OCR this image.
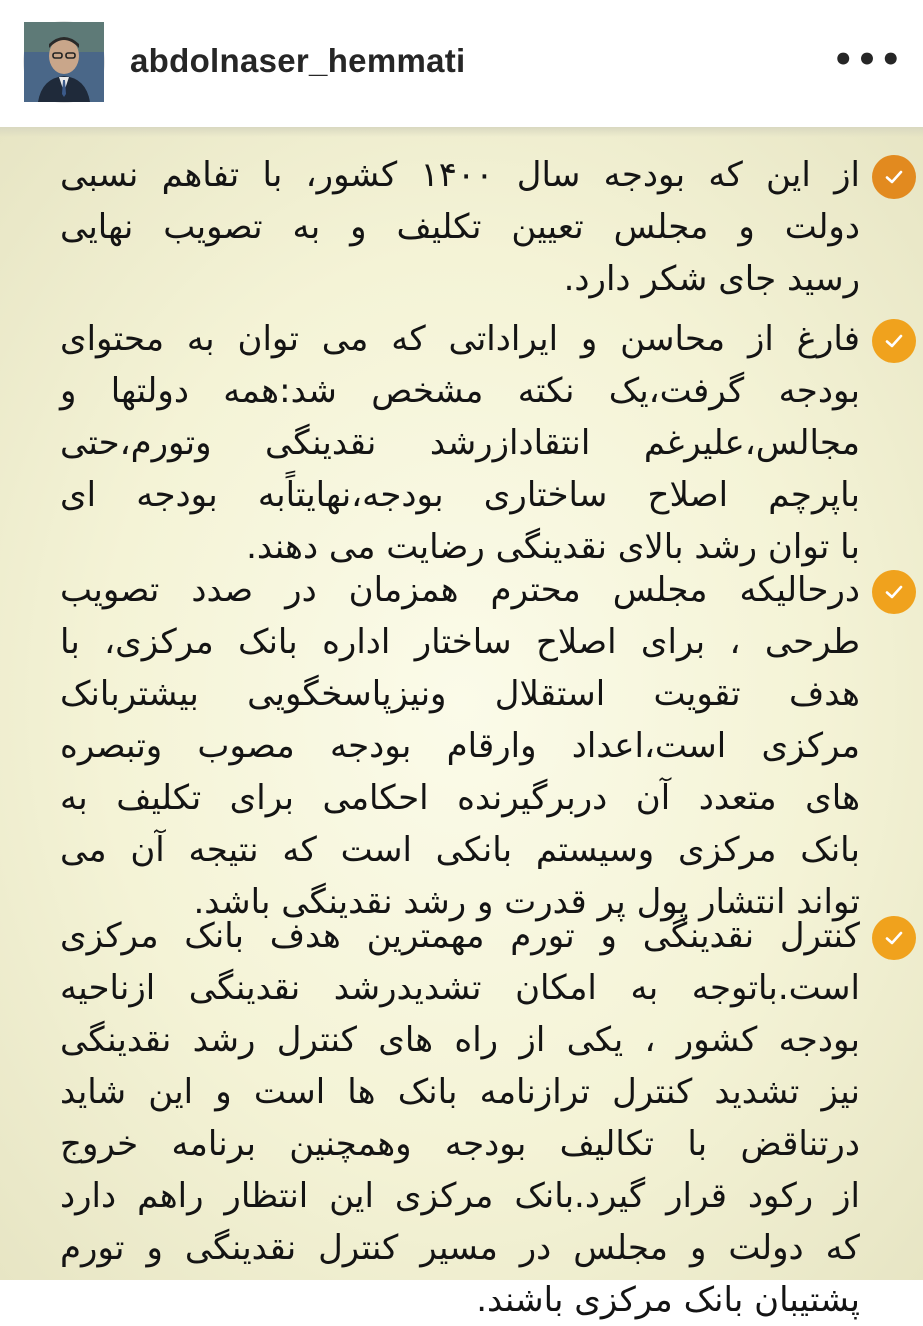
abdolnaser_hemmati	•••

از این که بودجه سال ۱۴۰۰ کشور، با تفاهم نسبی
دولت و مجلس تعیین تکلیف و به تصویب نهایی
رسید جای شکر دارد.

فارغ از محاسن و ایراداتی که می توان به محتوای
بودجه گرفت،یک نکته مشخص شد:همه دولتها و
مجالس،علیرغم انتقادازرشد نقدینگی وتورم،حتی
باپرچم اصلاح ساختاری بودجه،نهایتاًبه بودجه ای
با توان رشد بالای نقدینگی رضایت می دهند.

درحالیکه مجلس محترم همزمان در صدد تصویب
طرحی ، برای اصلاح ساختار اداره بانک مرکزی، با
هدف تقویت استقلال ونیزپاسخگویی بیشتربانک
مرکزی است،اعداد وارقام بودجه مصوب وتبصره
های متعدد آن دربرگیرنده احکامی برای تکلیف به
بانک مرکزی وسیستم بانکی است که نتیجه آن می
تواند انتشار پول پر قدرت و رشد نقدینگی باشد.

کنترل نقدینگی و تورم مهمترین هدف بانک مرکزی
است.باتوجه به امکان تشدیدرشد نقدینگی ازناحیه
بودجه کشور ، یکی از راه های کنترل رشد نقدینگی
نیز تشدید کنترل ترازنامه بانک ها است و این شاید
درتناقض با تکالیف بودجه وهمچنین برنامه خروج
از رکود قرار گیرد.بانک مرکزی این انتظار راهم دارد
که دولت و مجلس در مسیر کنترل نقدینگی و تورم
پشتیبان بانک مرکزی باشند.
